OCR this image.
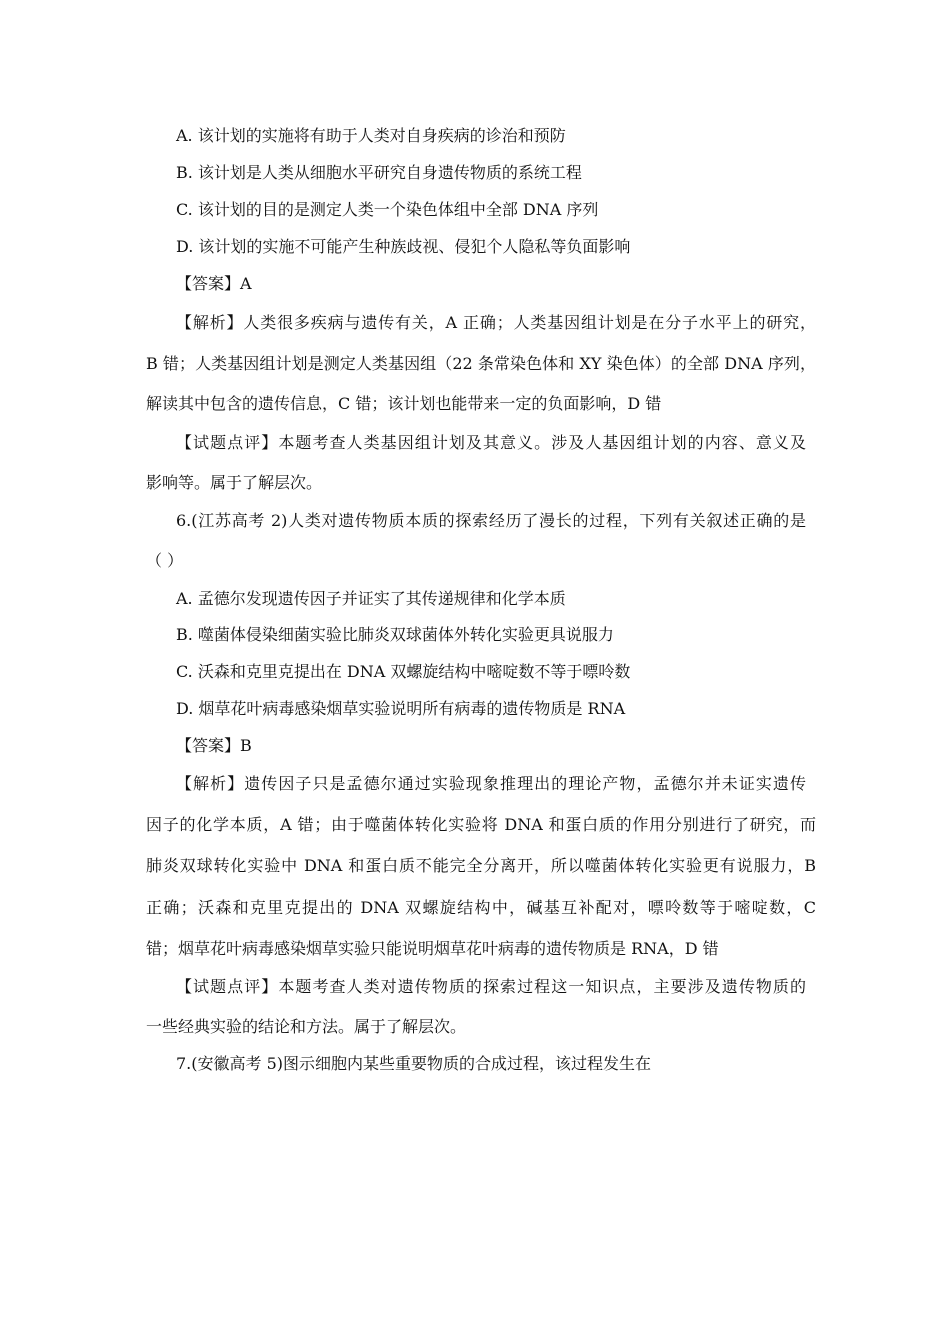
A. 该计划的实施将有助于人类对自身疾病的诊治和预防

B. 该计划是人类从细胞水平研究自身遗传物质的系统工程

C. 该计划的目的是测定人类一个染色体组中全部 DNA 序列

D. 该计划的实施不可能产生种族歧视、侵犯个人隐私等负面影响

【答案】A

【解析】人类很多疾病与遗传有关，A 正确；人类基因组计划是在分子水平上的研究，

B 错；人类基因组计划是测定人类基因组（22 条常染色体和 XY 染色体）的全部 DNA 序列，

解读其中包含的遗传信息，C 错；该计划也能带来一定的负面影响，D 错

【试题点评】本题考查人类基因组计划及其意义。涉及人基因组计划的内容、意义及

影响等。属于了解层次。

6.(江苏高考 2)人类对遗传物质本质的探索经历了漫长的过程，下列有关叙述正确的是

（ ）

A. 孟德尔发现遗传因子并证实了其传递规律和化学本质

B. 噬菌体侵染细菌实验比肺炎双球菌体外转化实验更具说服力

C. 沃森和克里克提出在 DNA 双螺旋结构中嘧啶数不等于嘌呤数

D. 烟草花叶病毒感染烟草实验说明所有病毒的遗传物质是 RNA

【答案】B

【解析】遗传因子只是孟德尔通过实验现象推理出的理论产物，孟德尔并未证实遗传

因子的化学本质，A 错；由于噬菌体转化实验将 DNA 和蛋白质的作用分别进行了研究，而

肺炎双球转化实验中 DNA 和蛋白质不能完全分离开，所以噬菌体转化实验更有说服力，B

正确；沃森和克里克提出的 DNA 双螺旋结构中，碱基互补配对，嘌呤数等于嘧啶数，C

错；烟草花叶病毒感染烟草实验只能说明烟草花叶病毒的遗传物质是 RNA，D 错

【试题点评】本题考查人类对遗传物质的探索过程这一知识点，主要涉及遗传物质的

一些经典实验的结论和方法。属于了解层次。

7.(安徽高考 5)图示细胞内某些重要物质的合成过程，该过程发生在
